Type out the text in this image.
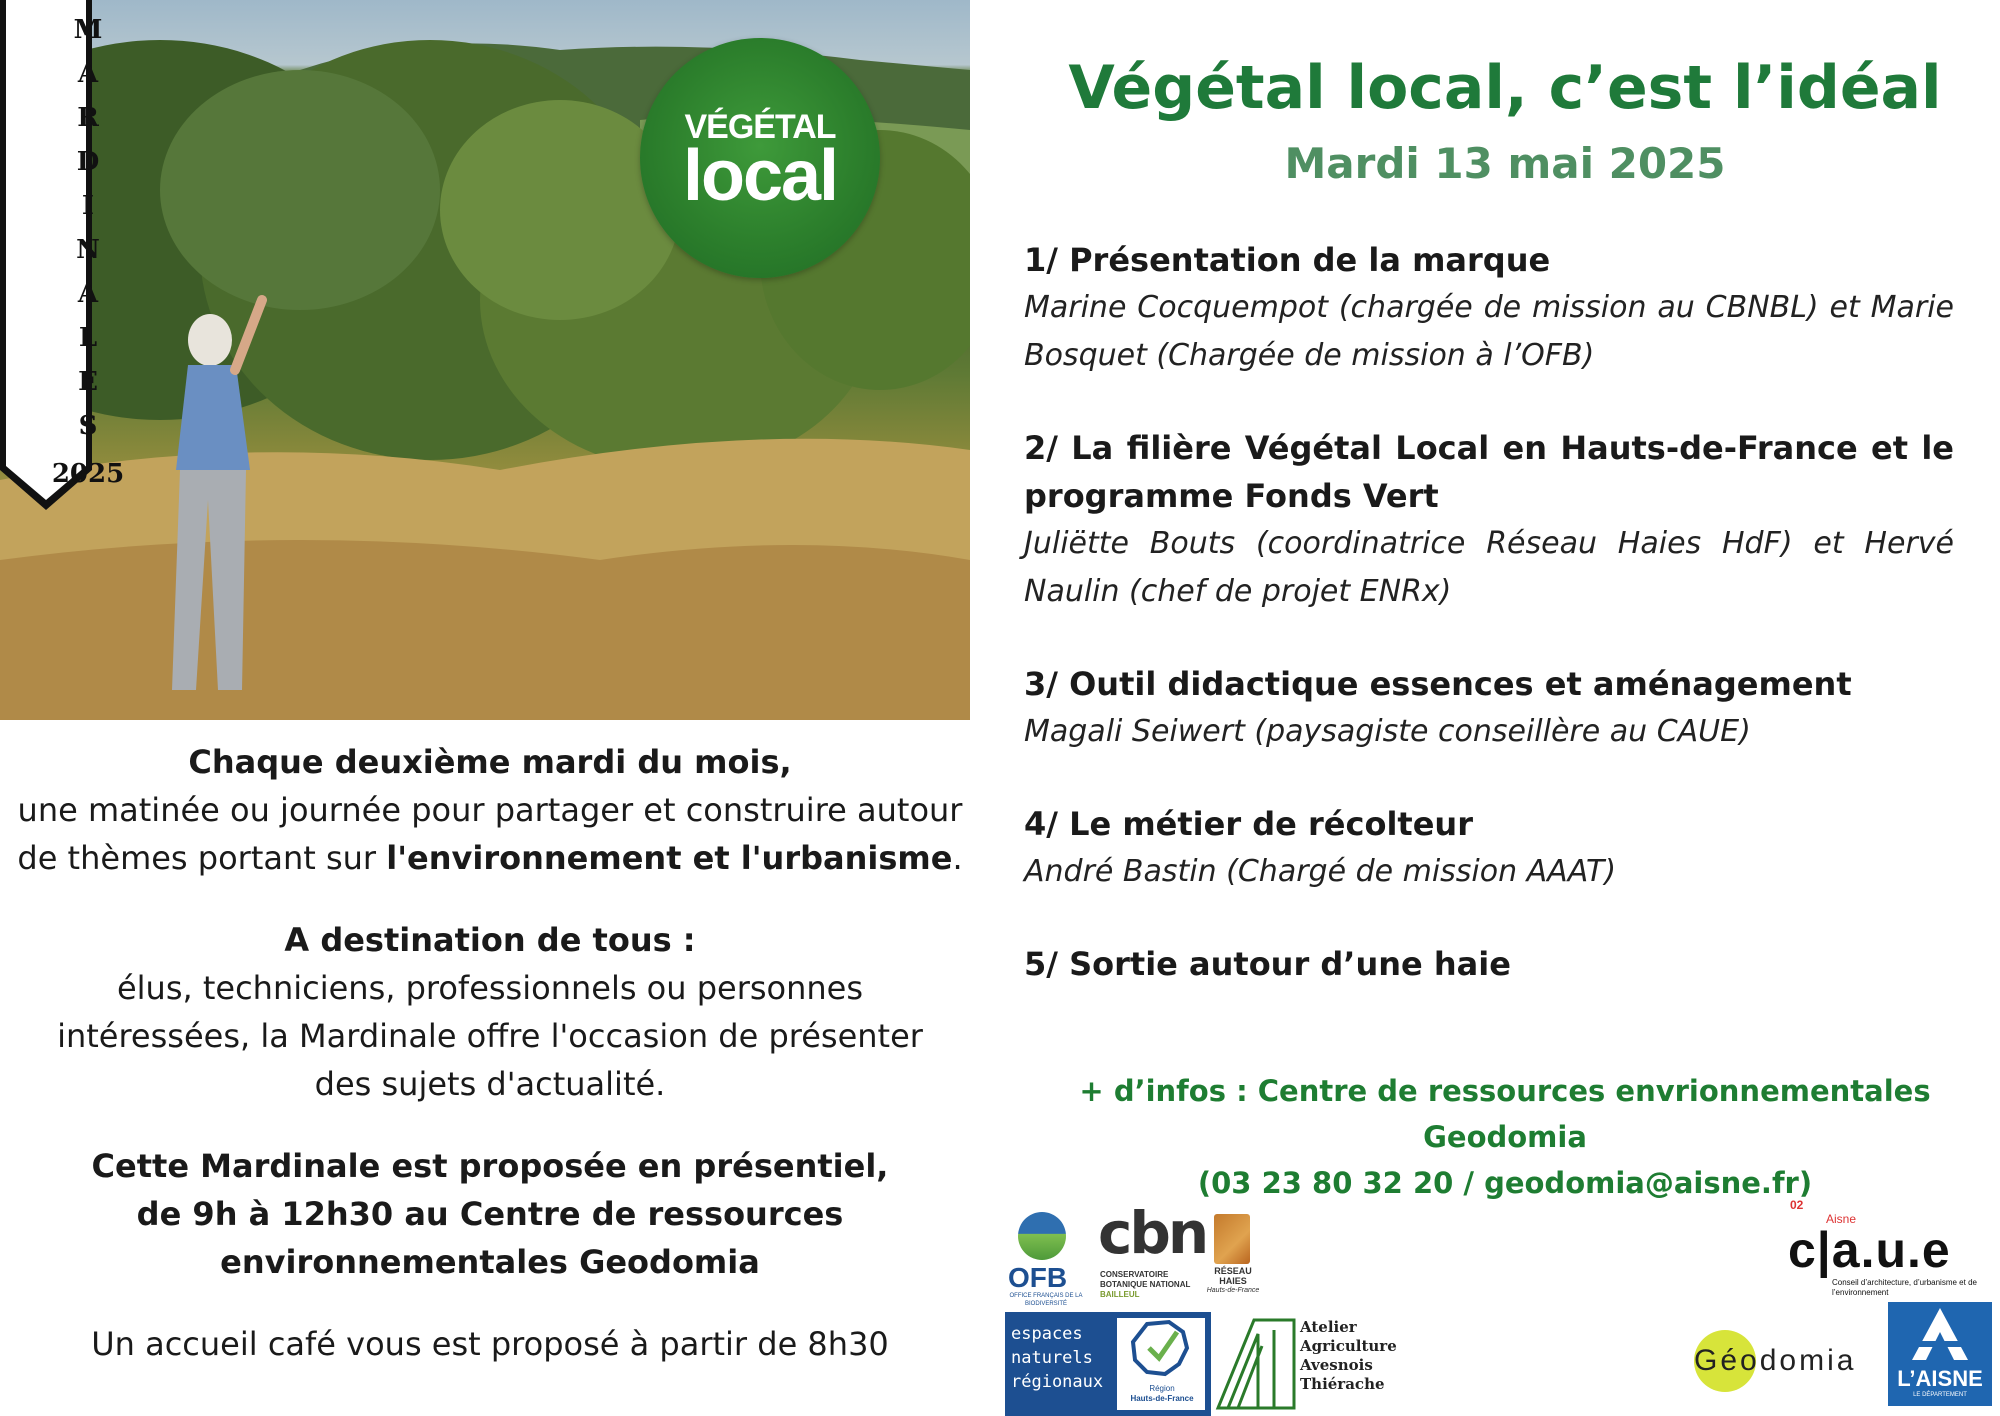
M
A
R
D
I
N
A
L
E
S
2025
VÉGÉTAL
local

Chaque deuxième mardi du mois,

une matinée ou journée pour partager et construire autour de thèmes portant sur l'environnement et l'urbanisme.

A destination de tous :

élus, techniciens, professionnels ou personnes intéressées, la Mardinale offre l'occasion de présenter des sujets d'actualité.

Cette Mardinale est proposée en présentiel,

de 9h à 12h30 au Centre de ressources

environnementales Geodomia

Un accueil café vous est proposé à partir de 8h30

Végétal local, c’est l’idéal
Mardi 13 mai 2025
1/ Présentation de la marque
Marine Cocquempot (chargée de mission au CBNBL) et Marie Bosquet (Chargée de mission à l’OFB)
2/ La filière Végétal Local en Hauts-de-France et le programme Fonds Vert
Juliëtte Bouts (coordinatrice Réseau Haies HdF) et Hervé Naulin (chef de projet ENRx)
3/ Outil didactique essences et aménagement
Magali Seiwert (paysagiste conseillère au CAUE)
4/ Le métier de récolteur
André Bastin (Chargé de mission AAAT)
5/ Sortie autour d’une haie
+ d’infos : Centre de ressources envrionnementales Geodomia
(03 23 80 32 20 / geodomia@aisne.fr)
OFB
OFFICE FRANÇAIS DE LA BIODIVERSITÉ
cbn
CONSERVATOIRE BOTANIQUE NATIONAL
BAILLEUL
RÉSEAU HAIES
Hauts-de-France
espaces naturels régionaux	Région
Hauts-de-France
Atelier
Agriculture
Avesnois
Thiérache
02
Aisne
c|a.u.e
Conseil d’architecture, d’urbanisme et de l’environnement
Géodomia
L’AISNE
LE DÉPARTEMENT
